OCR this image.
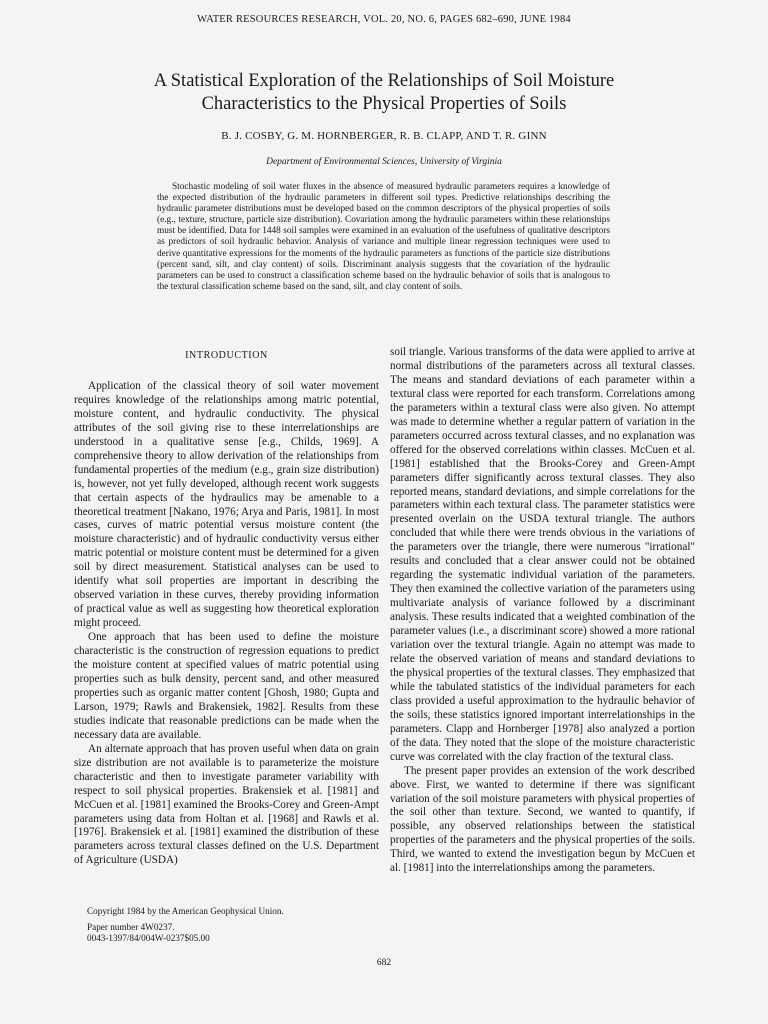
WATER RESOURCES RESEARCH, VOL. 20, NO. 6, PAGES 682–690, JUNE 1984
A Statistical Exploration of the Relationships of Soil Moisture
Characteristics to the Physical Properties of Soils
B. J. COSBY, G. M. HORNBERGER, R. B. CLAPP, AND T. R. GINN
Department of Environmental Sciences, University of Virginia

Stochastic modeling of soil water fluxes in the absence of measured hydraulic parameters requires a knowledge of the expected distribution of the hydraulic parameters in different soil types. Predictive relationships describing the hydraulic parameter distributions must be developed based on the common descriptors of the physical properties of soils (e.g., texture, structure, particle size distribution). Covariation among the hydraulic parameters within these relationships must be identified. Data for 1448 soil samples were examined in an evaluation of the usefulness of qualitative descriptors as predictors of soil hydraulic behavior. Analysis of variance and multiple linear regression techniques were used to derive quantitative expressions for the moments of the hydraulic parameters as functions of the particle size distributions (percent sand, silt, and clay content) of soils. Discriminant analysis suggests that the covariation of the hydraulic parameters can be used to construct a classification scheme based on the hydraulic behavior of soils that is analogous to the textural classification scheme based on the sand, silt, and clay content of soils.

INTRODUCTION

Application of the classical theory of soil water movement requires knowledge of the relationships among matric potential, moisture content, and hydraulic conductivity. The physical attributes of the soil giving rise to these interrelationships are understood in a qualitative sense [e.g., Childs, 1969]. A comprehensive theory to allow derivation of the relationships from fundamental properties of the medium (e.g., grain size distribution) is, however, not yet fully developed, although recent work suggests that certain aspects of the hydraulics may be amenable to a theoretical treatment [Nakano, 1976; Arya and Paris, 1981]. In most cases, curves of matric potential versus moisture content (the moisture characteristic) and of hydraulic conductivity versus either matric potential or moisture content must be determined for a given soil by direct measurement. Statistical analyses can be used to identify what soil properties are important in describing the observed variation in these curves, thereby providing information of practical value as well as suggesting how theoretical exploration might proceed.

One approach that has been used to define the moisture characteristic is the construction of regression equations to predict the moisture content at specified values of matric potential using properties such as bulk density, percent sand, and other measured properties such as organic matter content [Ghosh, 1980; Gupta and Larson, 1979; Rawls and Brakensiek, 1982]. Results from these studies indicate that reasonable predictions can be made when the necessary data are available.

An alternate approach that has proven useful when data on grain size distribution are not available is to parameterize the moisture characteristic and then to investigate parameter variability with respect to soil physical properties. Brakensiek et al. [1981] and McCuen et al. [1981] examined the Brooks-Corey and Green-Ampt parameters using data from Holtan et al. [1968] and Rawls et al. [1976]. Brakensiek et al. [1981] examined the distribution of these parameters across textural classes defined on the U.S. Department of Agriculture (USDA)

soil triangle. Various transforms of the data were applied to arrive at normal distributions of the parameters across all textural classes. The means and standard deviations of each parameter within a textural class were reported for each transform. Correlations among the parameters within a textural class were also given. No attempt was made to determine whether a regular pattern of variation in the parameters occurred across textural classes, and no explanation was offered for the observed correlations within classes. McCuen et al. [1981] established that the Brooks-Corey and Green-Ampt parameters differ significantly across textural classes. They also reported means, standard deviations, and simple correlations for the parameters within each textural class. The parameter statistics were presented overlain on the USDA textural triangle. The authors concluded that while there were trends obvious in the variations of the parameters over the triangle, there were numerous "irrational" results and concluded that a clear answer could not be obtained regarding the systematic individual variation of the parameters. They then examined the collective variation of the parameters using multivariate analysis of variance followed by a discriminant analysis. These results indicated that a weighted combination of the parameter values (i.e., a discriminant score) showed a more rational variation over the textural triangle. Again no attempt was made to relate the observed variation of means and standard deviations to the physical properties of the textural classes. They emphasized that while the tabulated statistics of the individual parameters for each class provided a useful approximation to the hydraulic behavior of the soils, these statistics ignored important interrelationships in the parameters. Clapp and Hornberger [1978] also analyzed a portion of the data. They noted that the slope of the moisture characteristic curve was correlated with the clay fraction of the textural class.

The present paper provides an extension of the work described above. First, we wanted to determine if there was significant variation of the soil moisture parameters with physical properties of the soil other than texture. Second, we wanted to quantify, if possible, any observed relationships between the statistical properties of the parameters and the physical properties of the soils. Third, we wanted to extend the investigation begun by McCuen et al. [1981] into the interrelationships among the parameters.

Copyright 1984 by the American Geophysical Union.
Paper number 4W0237.
0043-1397/84/004W-0237$05.00
682
